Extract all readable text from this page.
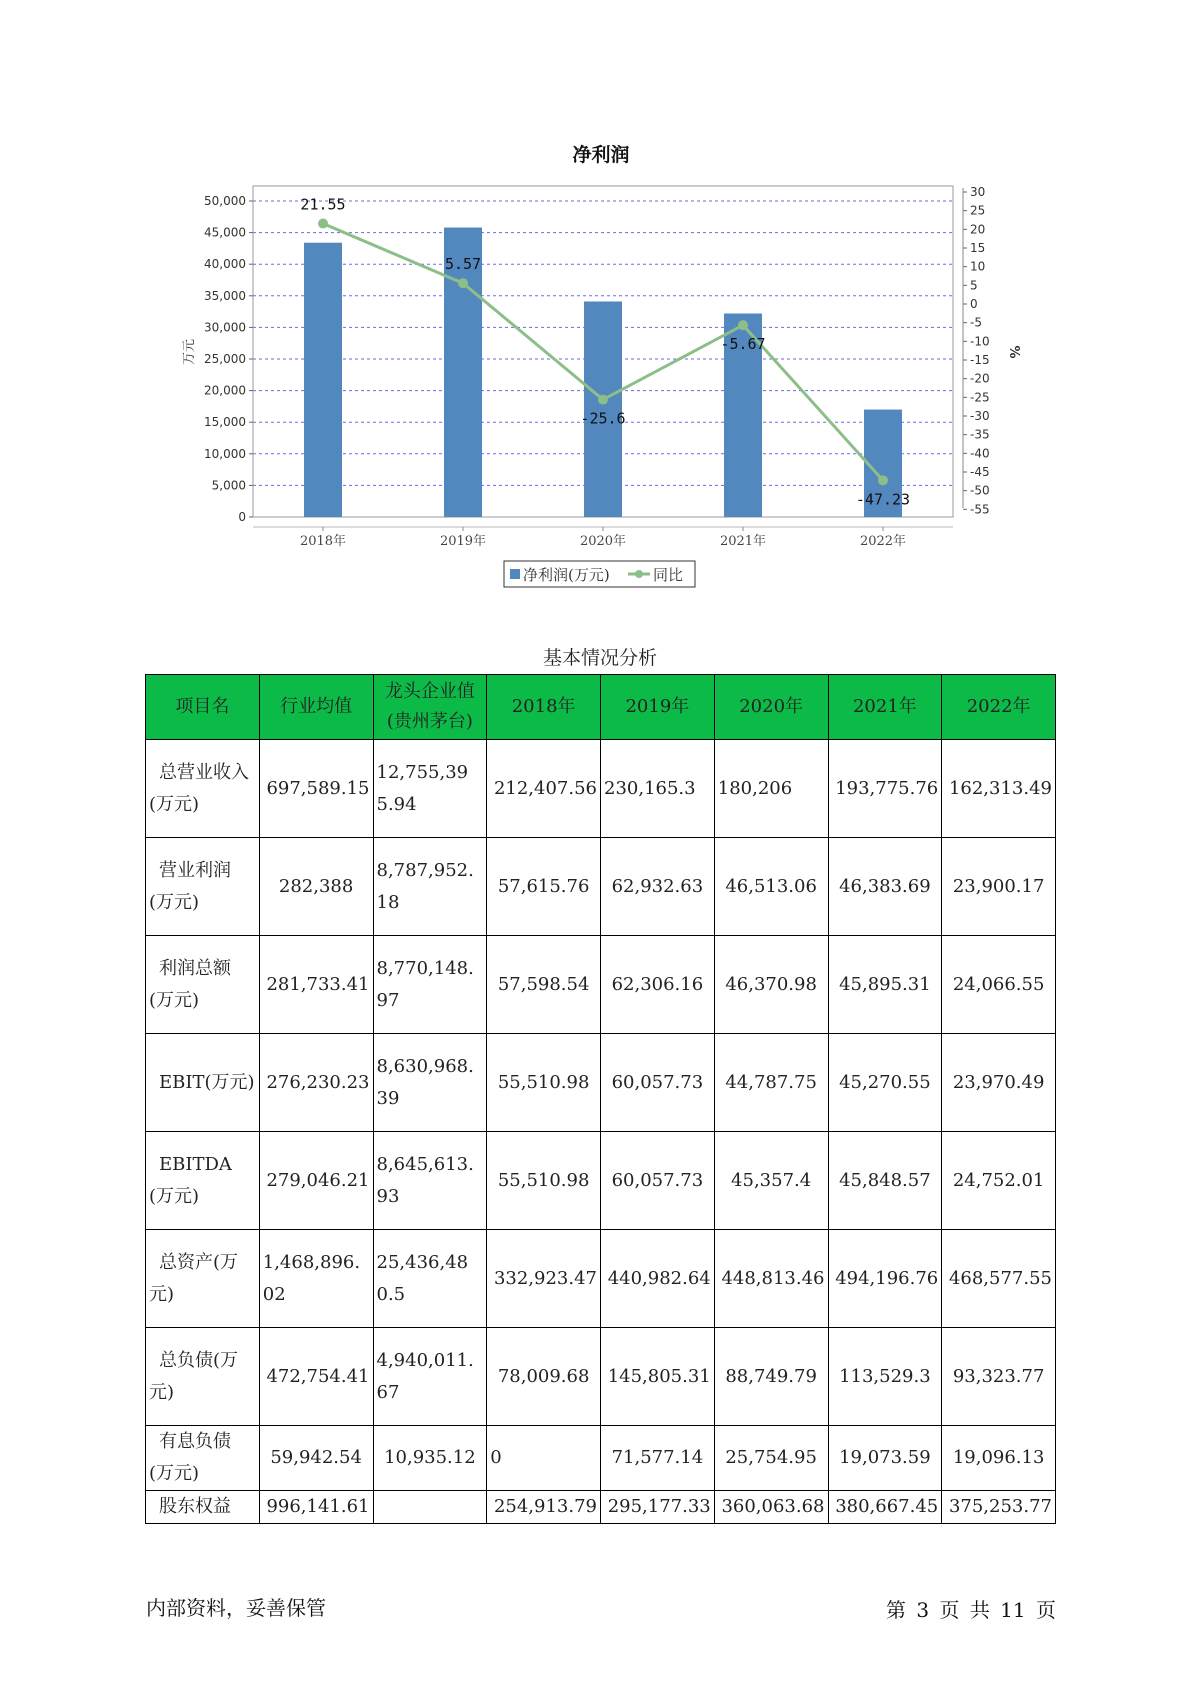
净利润
0
5,000
10,000
15,000
20,000
25,000
30,000
35,000
40,000
45,000
50,000
30
25
20
15
10
5
0
-5
-10
-15
-20
-25
-30
-35
-40
-45
-50
-55
21.55
5.57
-25.6
-5.67
-47.23
2018年	2019年	2020年	2021年	2022年
万元	%
净利润(万元)	同比
基本情况分析
项目名	行业均值	龙头企业值(贵州茅台)	2018年	2019年	2020年	2021年	2022年
总营业收入(万元)	697,589.15	12,755,395.94	212,407.56	230,165.3	180,206	193,775.76	162,313.49
营业利润(万元)	282,388	8,787,952.18	57,615.76	62,932.63	46,513.06	46,383.69	23,900.17
利润总额(万元)	281,733.41	8,770,148.97	57,598.54	62,306.16	46,370.98	45,895.31	24,066.55
EBIT(万元)	276,230.23	8,630,968.39	55,510.98	60,057.73	44,787.75	45,270.55	23,970.49
EBITDA(万元)	279,046.21	8,645,613.93	55,510.98	60,057.73	45,357.4	45,848.57	24,752.01
总资产(万元)	1,468,896.02	25,436,480.5	332,923.47	440,982.64	448,813.46	494,196.76	468,577.55
总负债(万元)	472,754.41	4,940,011.67	78,009.68	145,805.31	88,749.79	113,529.3	93,323.77
有息负债(万元)	59,942.54	10,935.12	0	71,577.14	25,754.95	19,073.59	19,096.13
股东权益	996,141.61		254,913.79	295,177.33	360,063.68	380,667.45	375,253.77
内部资料，妥善保管	第 3 页 共 11 页
